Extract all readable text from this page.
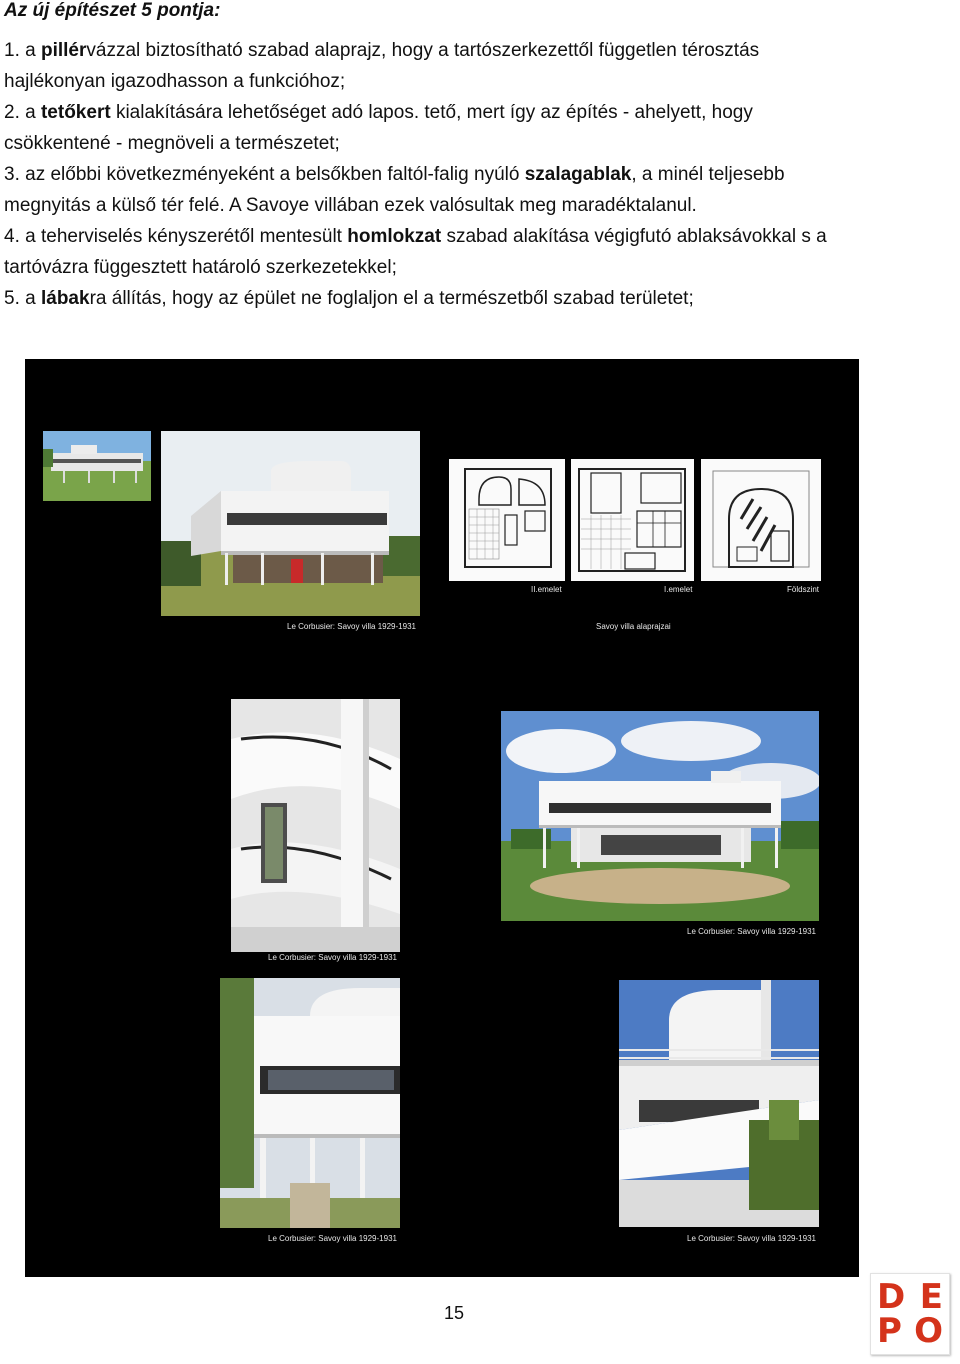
Az új építészet 5 pontja:

1. a pillérvázzal biztosítható szabad alaprajz, hogy a tartószerkezettől független térosztás

hajlékonyan igazodhasson a funkcióhoz;

2. a tetőkert kialakítására lehetőséget adó lapos. tető, mert így az építés - ahelyett, hogy

csökkentené - megnöveli a természetet;

3. az előbbi következményeként a belsőkben faltól-falig nyúló szalagablak, a minél teljesebb

megnyitás a külső tér felé. A Savoye villában ezek valósultak meg maradéktalanul.

4. a teherviselés kényszerétől mentesült homlokzat szabad alakítása végigfutó ablaksávokkal s a

tartóvázra függesztett határoló szerkezetekkel;

5. a lábakra állítás, hogy az épület ne foglaljon el a természetből szabad területet;

II.emelet	I.emelet	Földszint
Le Corbusier: Savoy villa 1929-1931	Savoy villa alaprajzai
Le Corbusier: Savoy villa 1929-1931
Le Corbusier: Savoy villa 1929-1931
Le Corbusier: Savoy villa 1929-1931	Le Corbusier: Savoy villa 1929-1931
15	D E
P O
